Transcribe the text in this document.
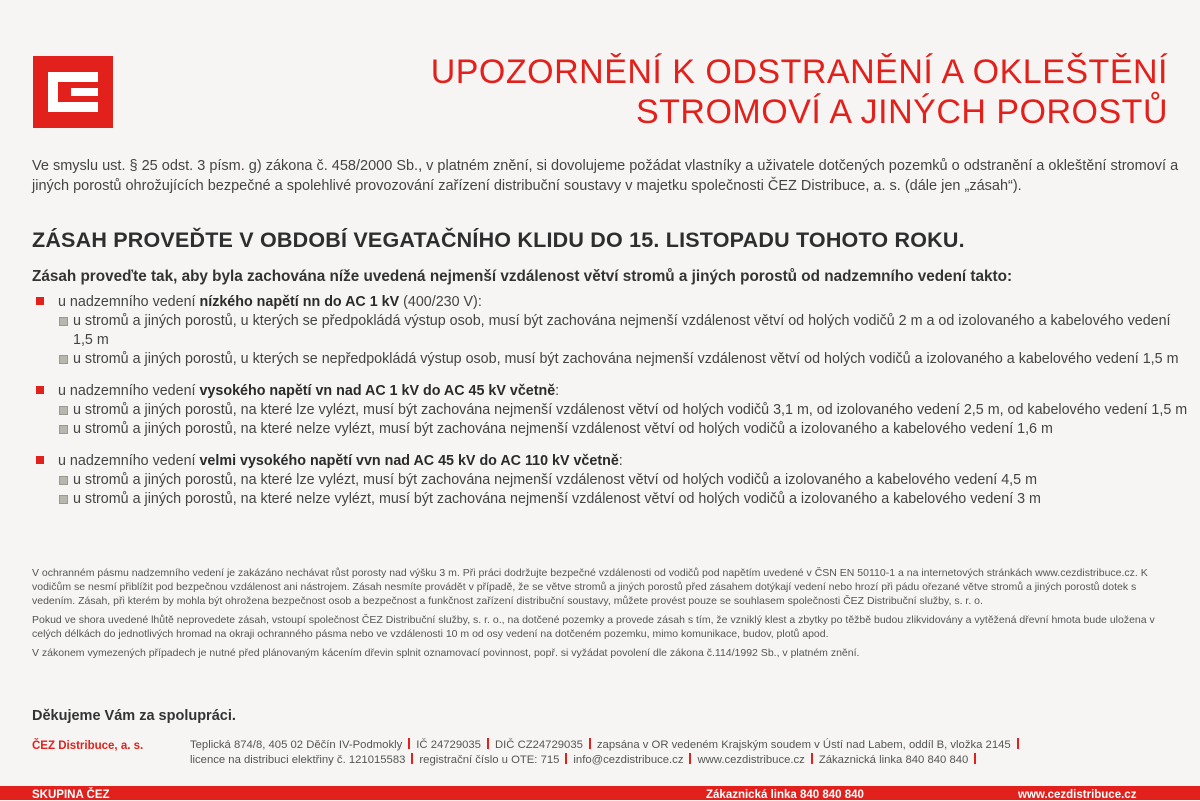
UPOZORNĚNÍ K ODSTRANĚNÍ A OKLEŠTĚNÍ
STROMOVÍ A JINÝCH POROSTŮ
Ve smyslu ust. § 25 odst. 3 písm. g) zákona č. 458/2000 Sb., v platném znění, si dovolujeme požádat vlastníky a uživatele dotčených pozemků o odstranění a okleštění stromoví a jiných porostů ohrožujících bezpečné a spolehlivé provozování zařízení distribuční soustavy v majetku společnosti ČEZ Distribuce, a. s. (dále jen „zásah“).
ZÁSAH PROVEĎTE V OBDOBÍ VEGATAČNÍHO KLIDU DO 15. LISTOPADU TOHOTO ROKU.
Zásah proveďte tak, aby byla zachována níže uvedená nejmenší vzdálenost větví stromů a jiných porostů od nadzemního vedení takto:
u nadzemního vedení nízkého napětí nn do AC 1 kV (400/230 V):
u stromů a jiných porostů, u kterých se předpokládá výstup osob, musí být zachována nejmenší vzdálenost větví od holých vodičů 2 m a od izolovaného a kabelového vedení 1,5 m
u stromů a jiných porostů, u kterých se nepředpokládá výstup osob, musí být zachována nejmenší vzdálenost větví od holých vodičů a izolovaného a kabelového vedení 1,5 m
u nadzemního vedení vysokého napětí vn nad AC 1 kV do AC 45 kV včetně:
u stromů a jiných porostů, na které lze vylézt, musí být zachována nejmenší vzdálenost větví od holých vodičů 3,1 m, od izolovaného vedení 2,5 m, od kabelového vedení 1,5 m
u stromů a jiných porostů, na které nelze vylézt, musí být zachována nejmenší vzdálenost větví od holých vodičů a izolovaného a kabelového vedení 1,6 m
u nadzemního vedení velmi vysokého napětí vvn nad AC 45 kV do AC 110 kV včetně:
u stromů a jiných porostů, na které lze vylézt, musí být zachována nejmenší vzdálenost větví od holých vodičů a izolovaného a kabelového vedení 4,5 m
u stromů a jiných porostů, na které nelze vylézt, musí být zachována nejmenší vzdálenost větví od holých vodičů a izolovaného a kabelového vedení 3 m

V ochranném pásmu nadzemního vedení je zakázáno nechávat růst porosty nad výšku 3 m. Při práci dodržujte bezpečné vzdálenosti od vodičů pod napětím uvedené v ČSN EN 50110-1 a na internetových stránkách www.cezdistribuce.cz. K vodičům se nesmí přiblížit pod bezpečnou vzdálenost ani nástrojem. Zásah nesmíte provádět v případě, že se větve stromů a jiných porostů před zásahem dotýkají vedení nebo hrozí při pádu ořezané větve stromů a jiných porostů dotek s vedením. Zásah, při kterém by mohla být ohrožena bezpečnost osob a bezpečnost a funkčnost zařízení distribuční soustavy, můžete provést pouze se souhlasem společnosti ČEZ Distribuční služby, s. r. o.

Pokud ve shora uvedené lhůtě neprovedete zásah, vstoupí společnost ČEZ Distribuční služby, s. r. o., na dotčené pozemky a provede zásah s tím, že vzniklý klest a zbytky po těžbě budou zlikvidovány a vytěžená dřevní hmota bude uložena v celých délkách do jednotlivých hromad na okraji ochranného pásma nebo ve vzdálenosti 10 m od osy vedení na dotčeném pozemku, mimo komunikace, budov, plotů apod.

V zákonem vymezených případech je nutné před plánovaným kácením dřevin splnit oznamovací povinnost, popř. si vyžádat povolení dle zákona č.114/1992 Sb., v platném znění.

Děkujeme Vám za spolupráci.
ČEZ Distribuce, a. s.	Teplická 874/8, 405 02 Děčín IV-Podmokly IČ 24729035 DIČ CZ24729035 zapsána v OR vedeném Krajským soudem v Ústí nad Labem, oddíl B, vložka 2145
licence na distribuci elektřiny č. 121015583 registrační číslo u OTE: 715 info@cezdistribuce.cz www.cezdistribuce.cz Zákaznická linka 840 840 840
SKUPINA ČEZ	Zákaznická linka 840 840 840	www.cezdistribuce.cz
